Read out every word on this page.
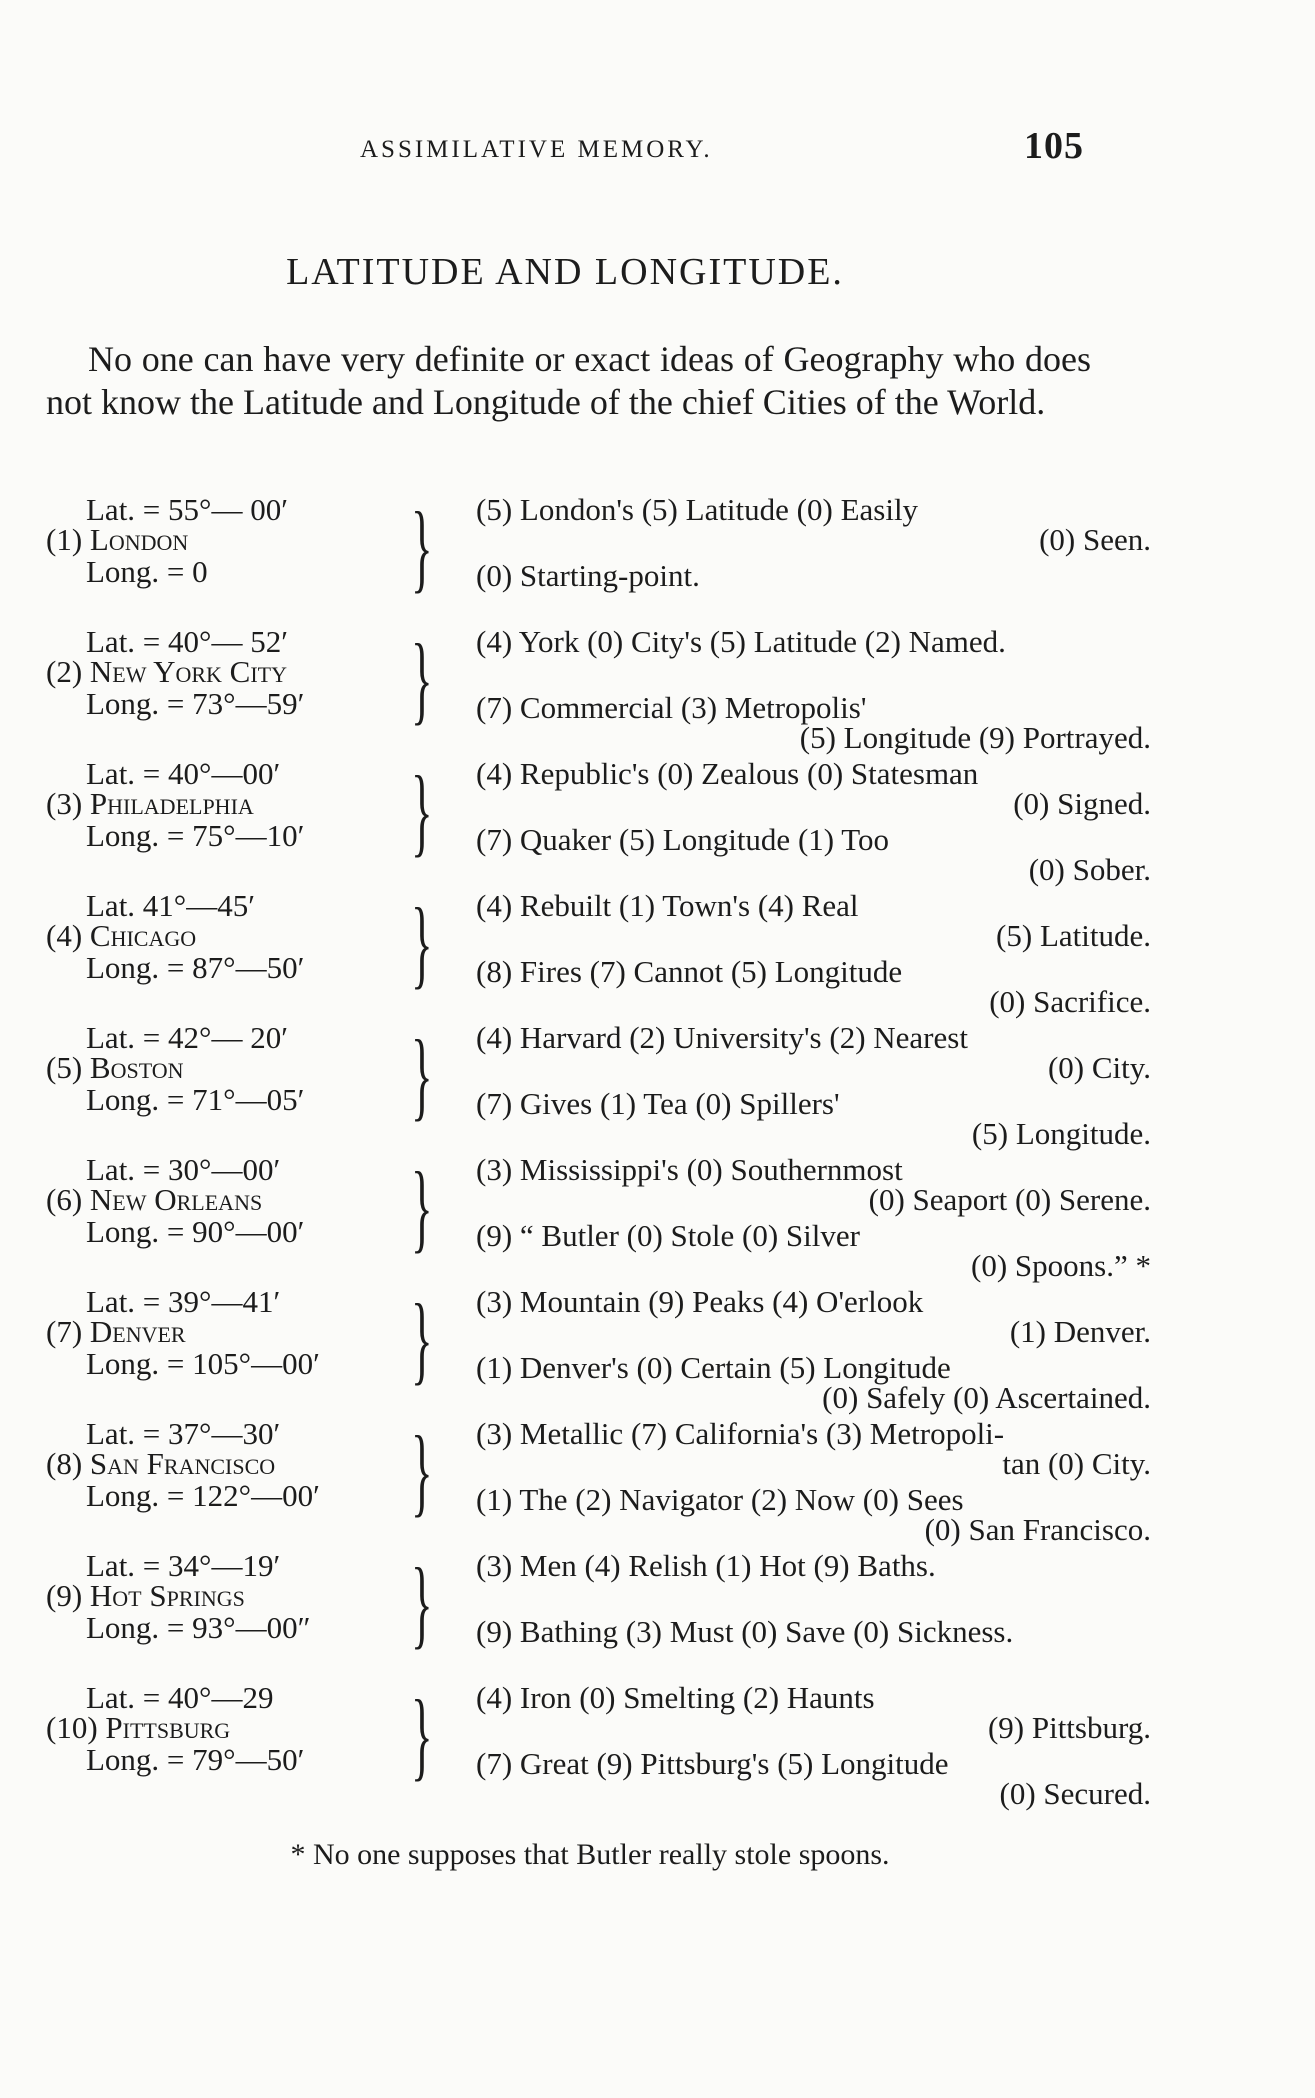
ASSIMILATIVE MEMORY.	105
LATITUDE AND LONGITUDE.

No one can have very definite or exact ideas of Geography who does not know the Latitude and Longitude of the chief Cities of the World.

Lat. = 55°— 00′
(1) London
Long. = 0 } (5) London's (5) Latitude (0) Easily
(0) Seen.
(0) Starting-point.
Lat. = 40°— 52′
(2) New York City
Long. = 73°—59′ } (4) York (0) City's (5) Latitude (2) Named.
(7) Commercial (3) Metropolis'
(5) Longitude (9) Portrayed.
Lat. = 40°—00′
(3) Philadelphia
Long. = 75°—10′ } (4) Republic's (0) Zealous (0) Statesman
(0) Signed.
(7) Quaker (5) Longitude (1) Too
(0) Sober.
Lat. 41°—45′
(4) Chicago
Long. = 87°—50′ } (4) Rebuilt (1) Town's (4) Real
(5) Latitude.
(8) Fires (7) Cannot (5) Longitude
(0) Sacrifice.
Lat. = 42°— 20′
(5) Boston
Long. = 71°—05′ } (4) Harvard (2) University's (2) Nearest
(0) City.
(7) Gives (1) Tea (0) Spillers'
(5) Longitude.
Lat. = 30°—00′
(6) New Orleans
Long. = 90°—00′ } (3) Mississippi's (0) Southernmost
(0) Seaport (0) Serene.
(9) “ Butler (0) Stole (0) Silver
(0) Spoons.” *
Lat. = 39°—41′
(7) Denver
Long. = 105°—00′ } (3) Mountain (9) Peaks (4) O'erlook
(1) Denver.
(1) Denver's (0) Certain (5) Longitude
(0) Safely (0) Ascertained.
Lat. = 37°—30′
(8) San Francisco
Long. = 122°—00′ } (3) Metallic (7) California's (3) Metropoli-
tan (0) City.
(1) The (2) Navigator (2) Now (0) Sees
(0) San Francisco.
Lat. = 34°—19′
(9) Hot Springs
Long. = 93°—00″ } (3) Men (4) Relish (1) Hot (9) Baths.
(9) Bathing (3) Must (0) Save (0) Sickness.
Lat. = 40°—29
(10) Pittsburg
Long. = 79°—50′ } (4) Iron (0) Smelting (2) Haunts
(9) Pittsburg.
(7) Great (9) Pittsburg's (5) Longitude
(0) Secured.
* No one supposes that Butler really stole spoons.
